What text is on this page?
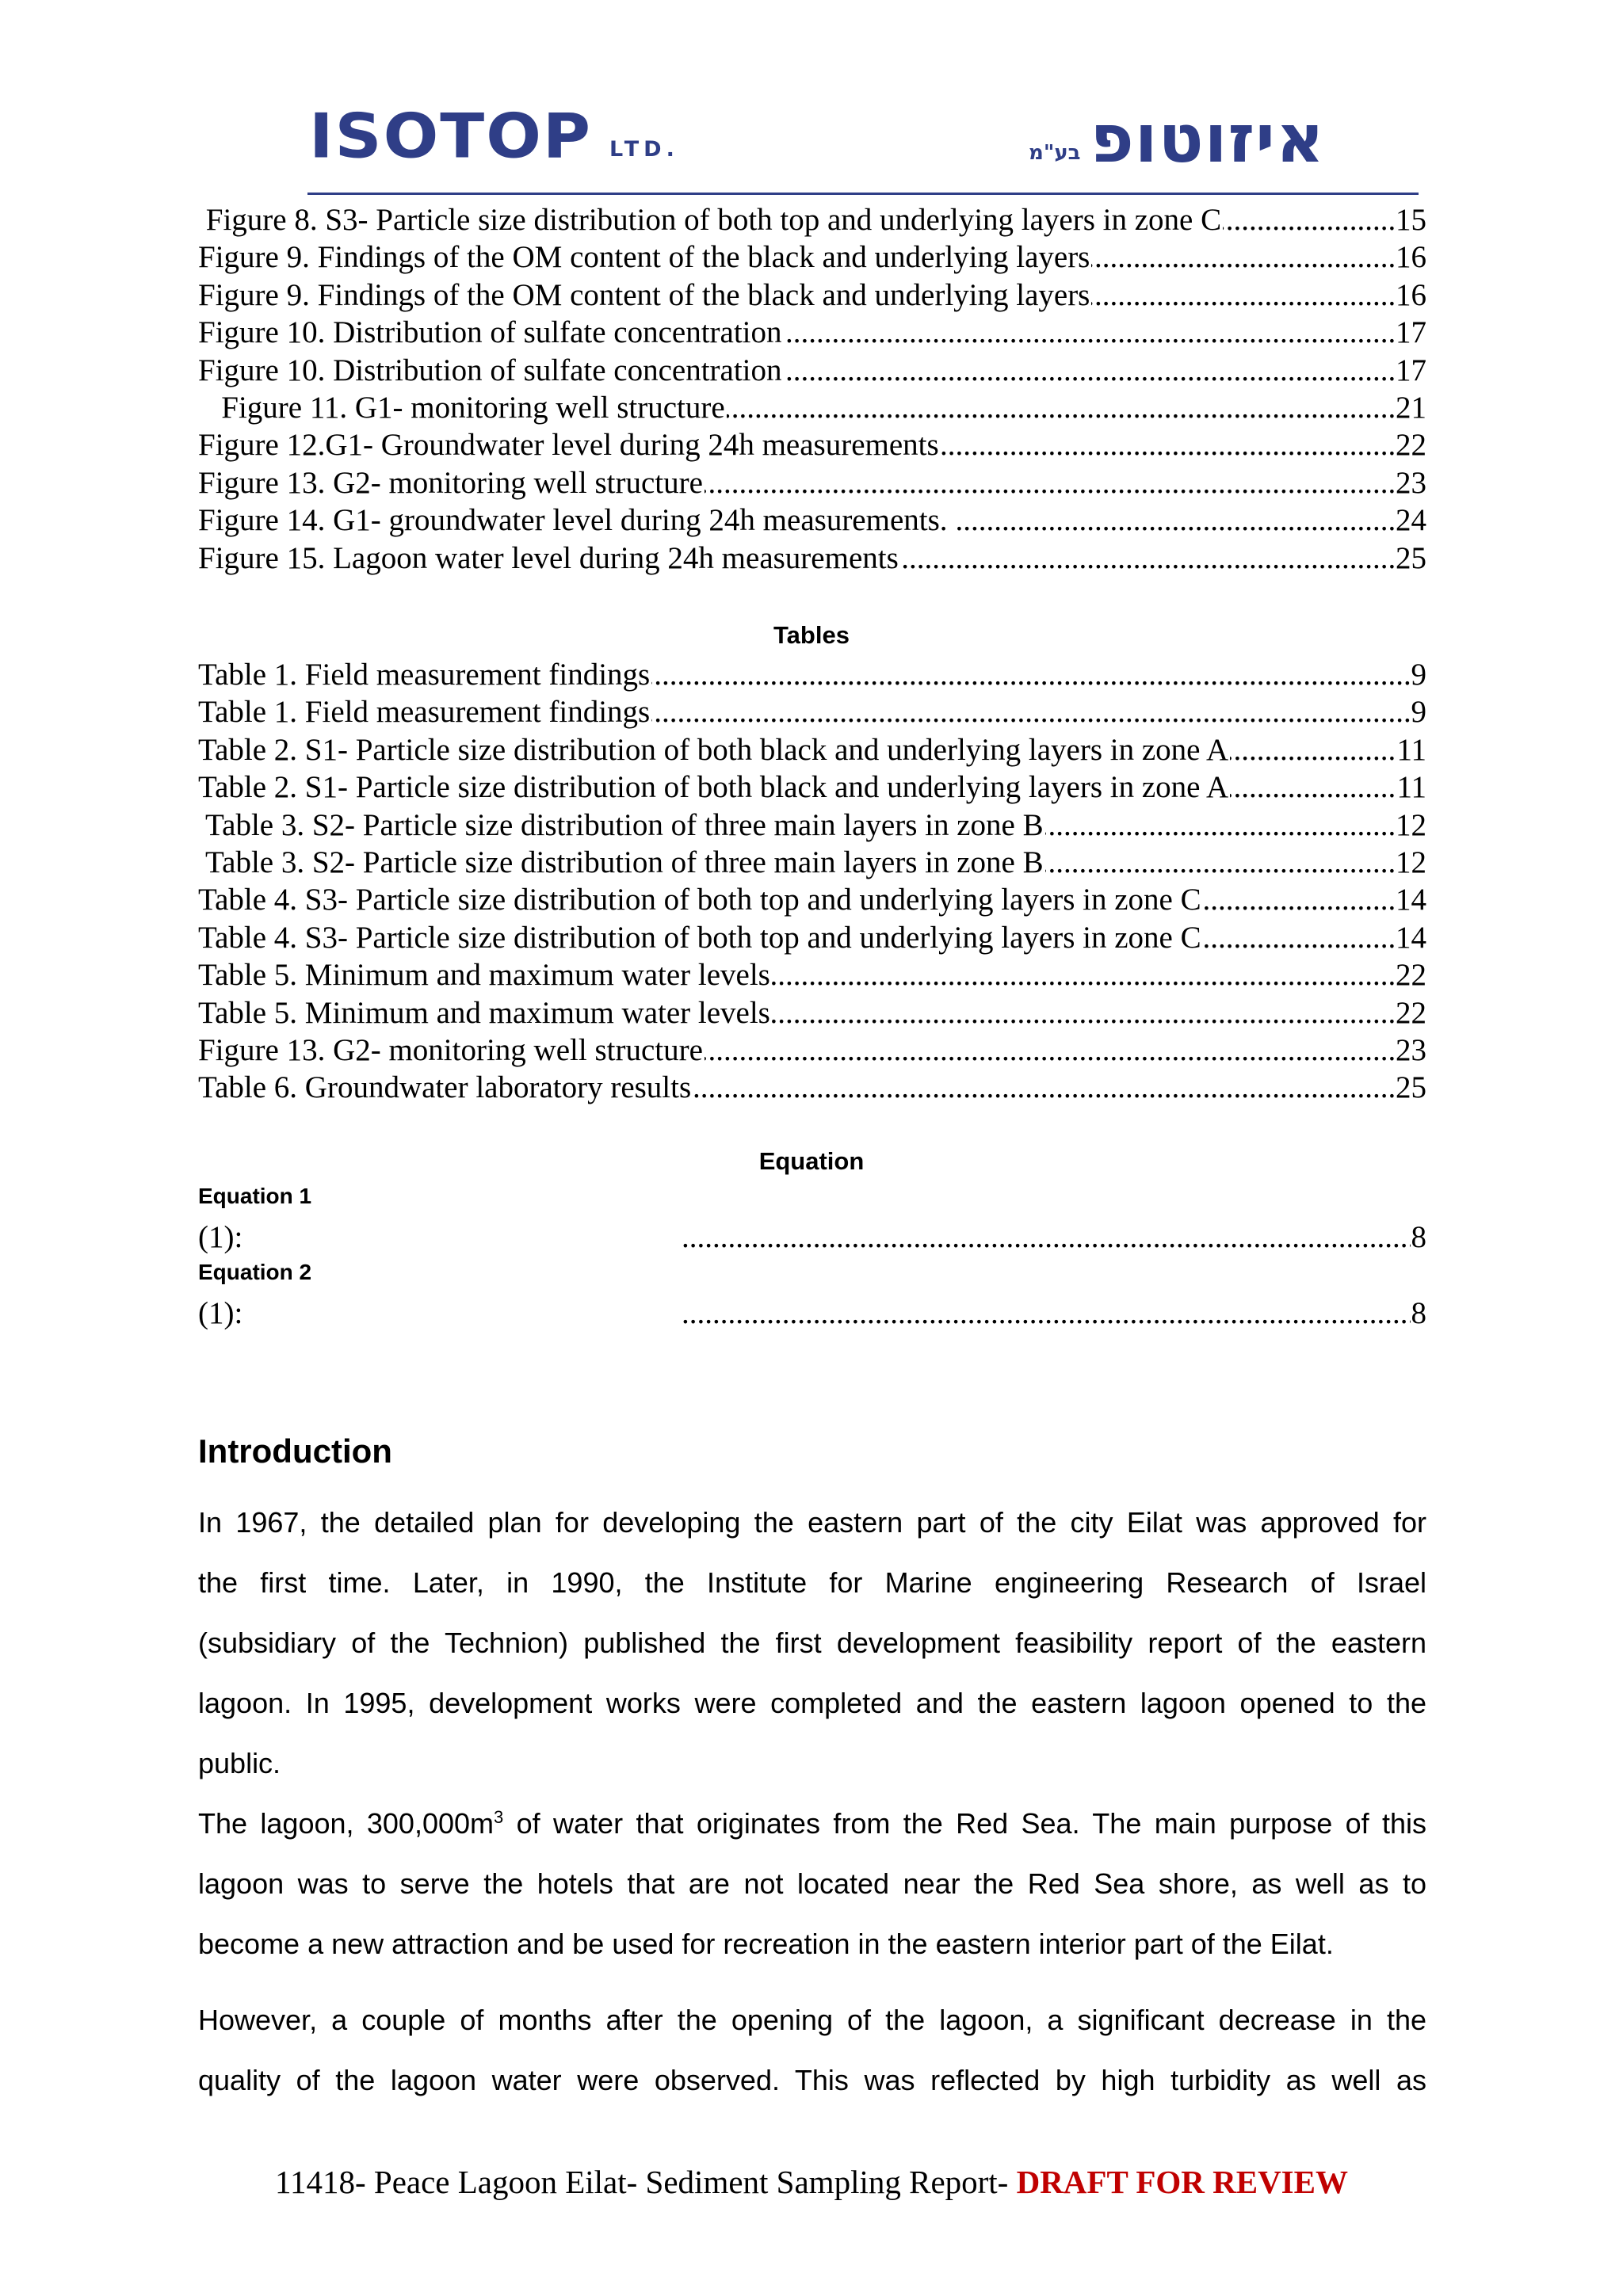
ISOTOP LTD.	בע"מ איזוטופ
.....
Figure 8. S3- Particle size distribution of both top and underlying layers in zone C	15
.....
Figure 9. Findings of the OM content of the black and underlying layers	16
.....
Figure 9. Findings of the OM content of the black and underlying layers	16
.....
Figure 10. Distribution of sulfate concentration	17
.....
Figure 10. Distribution of sulfate concentration	17
.....
Figure 11. G1- monitoring well structure	21
.....
Figure 12.G1- Groundwater level during 24h measurements	22
.....
Figure 13. G2- monitoring well structure	23
.....
Figure 14. G1- groundwater level during 24h measurements.	24
.....
Figure 15. Lagoon water level during 24h measurements	25
Tables
.....
Table 1. Field measurement findings	9
.....
Table 1. Field measurement findings	9
.....
Table 2. S1- Particle size distribution of both black and underlying layers in zone A	11
.....
Table 2. S1- Particle size distribution of both black and underlying layers in zone A	11
.....
Table 3. S2- Particle size distribution of three main layers in zone B	12
.....
Table 3. S2- Particle size distribution of three main layers in zone B	12
.....
Table 4. S3- Particle size distribution of both top and underlying layers in zone C	14
.....
Table 4. S3- Particle size distribution of both top and underlying layers in zone C	14
.....
Table 5. Minimum and maximum water levels	22
.....
Table 5. Minimum and maximum water levels	22
.....
Figure 13. G2- monitoring well structure	23
.....
Table 6. Groundwater laboratory results	25
Equation
Equation 1
(1): .....	8
Equation 2
(1): .....	8
Introduction
In 1967, the detailed plan for developing the eastern part of the city Eilat was approved for
the first time. Later, in 1990, the Institute for Marine engineering Research of Israel
(subsidiary of the Technion) published the first development feasibility report of the eastern
lagoon. In 1995, development works were completed and the eastern lagoon opened to the
public.
The lagoon, $300,000m^3$ of water that originates from the Red Sea. The main purpose of this
lagoon was to serve the hotels that are not located near the Red Sea shore, as well as to
become a new attraction and be used for recreation in the eastern interior part of the Eilat.
However, a couple of months after the opening of the lagoon, a significant decrease in the
quality of the lagoon water were observed. This was reflected by high turbidity as well as
11418- Peace Lagoon Eilat- Sediment Sampling Report- DRAFT FOR REVIEW
